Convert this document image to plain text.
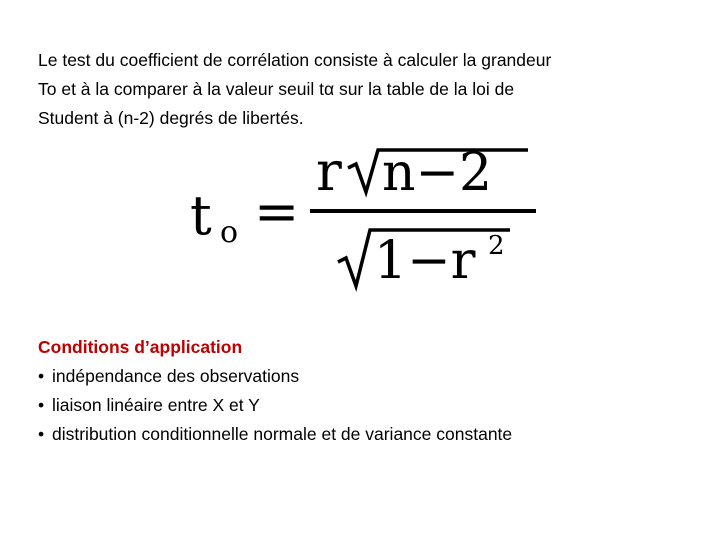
Le test du coefficient de corrélation consiste à calculer la grandeur
To et à la comparer à la valeur seuil tα sur la table de la loi de
Student à (n-2) degrés de libertés.
t o =
r n−2
1−r 2
Conditions d’application
• indépendance des observations
• liaison linéaire entre X et Y
• distribution conditionnelle normale et de variance constante
